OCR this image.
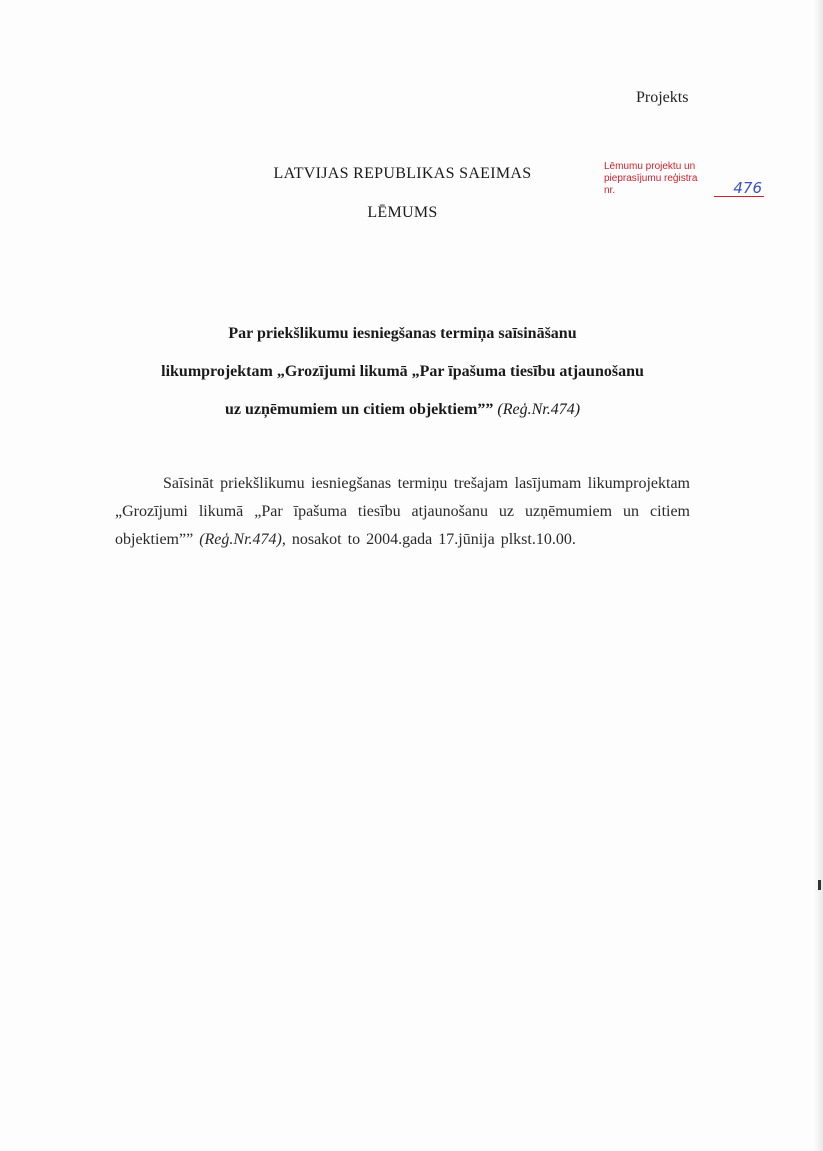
Projekts
Lēmumu projektu un
pieprasījumu reģistra nr.	476
LATVIJAS REPUBLIKAS SAEIMAS
LĒMUMS
Par priekšlikumu iesniegšanas termiņa saīsināšanu
likumprojektam „Grozījumi likumā „Par īpašuma tiesību atjaunošanu
uz uzņēmumiem un citiem objektiem”” (Reģ.Nr.474)
Saīsināt priekšlikumu iesniegšanas termiņu trešajam lasījumam likumprojektam „Grozījumi likumā „Par īpašuma tiesību atjaunošanu uz uzņēmumiem un citiem objektiem”” (Reģ.Nr.474), nosakot to 2004.gada 17.jūnija plkst.10.00.
